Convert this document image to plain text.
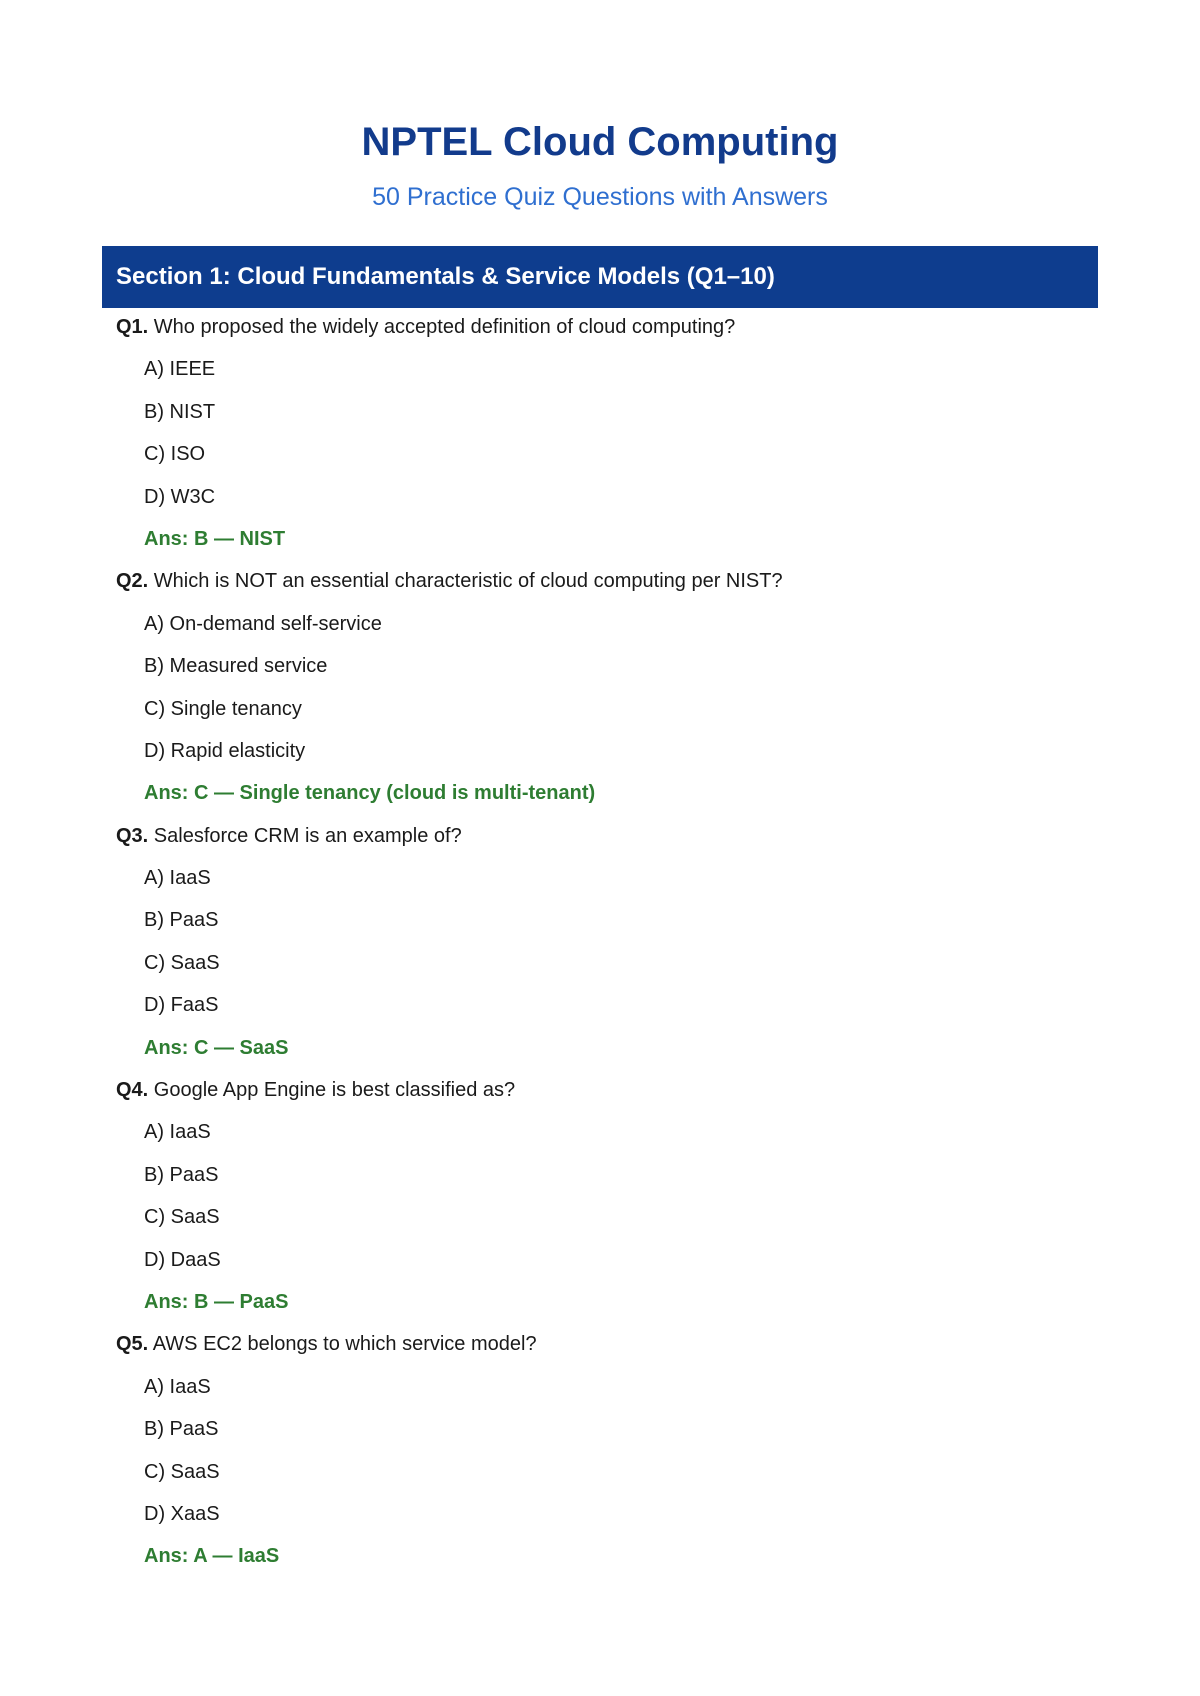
NPTEL Cloud Computing
50 Practice Quiz Questions with Answers
Section 1: Cloud Fundamentals & Service Models (Q1–10)
Q1. Who proposed the widely accepted definition of cloud computing?
A) IEEE
B) NIST
C) ISO
D) W3C
Ans: B — NIST
Q2. Which is NOT an essential characteristic of cloud computing per NIST?
A) On-demand self-service
B) Measured service
C) Single tenancy
D) Rapid elasticity
Ans: C — Single tenancy (cloud is multi-tenant)
Q3. Salesforce CRM is an example of?
A) IaaS
B) PaaS
C) SaaS
D) FaaS
Ans: C — SaaS
Q4. Google App Engine is best classified as?
A) IaaS
B) PaaS
C) SaaS
D) DaaS
Ans: B — PaaS
Q5. AWS EC2 belongs to which service model?
A) IaaS
B) PaaS
C) SaaS
D) XaaS
Ans: A — IaaS
